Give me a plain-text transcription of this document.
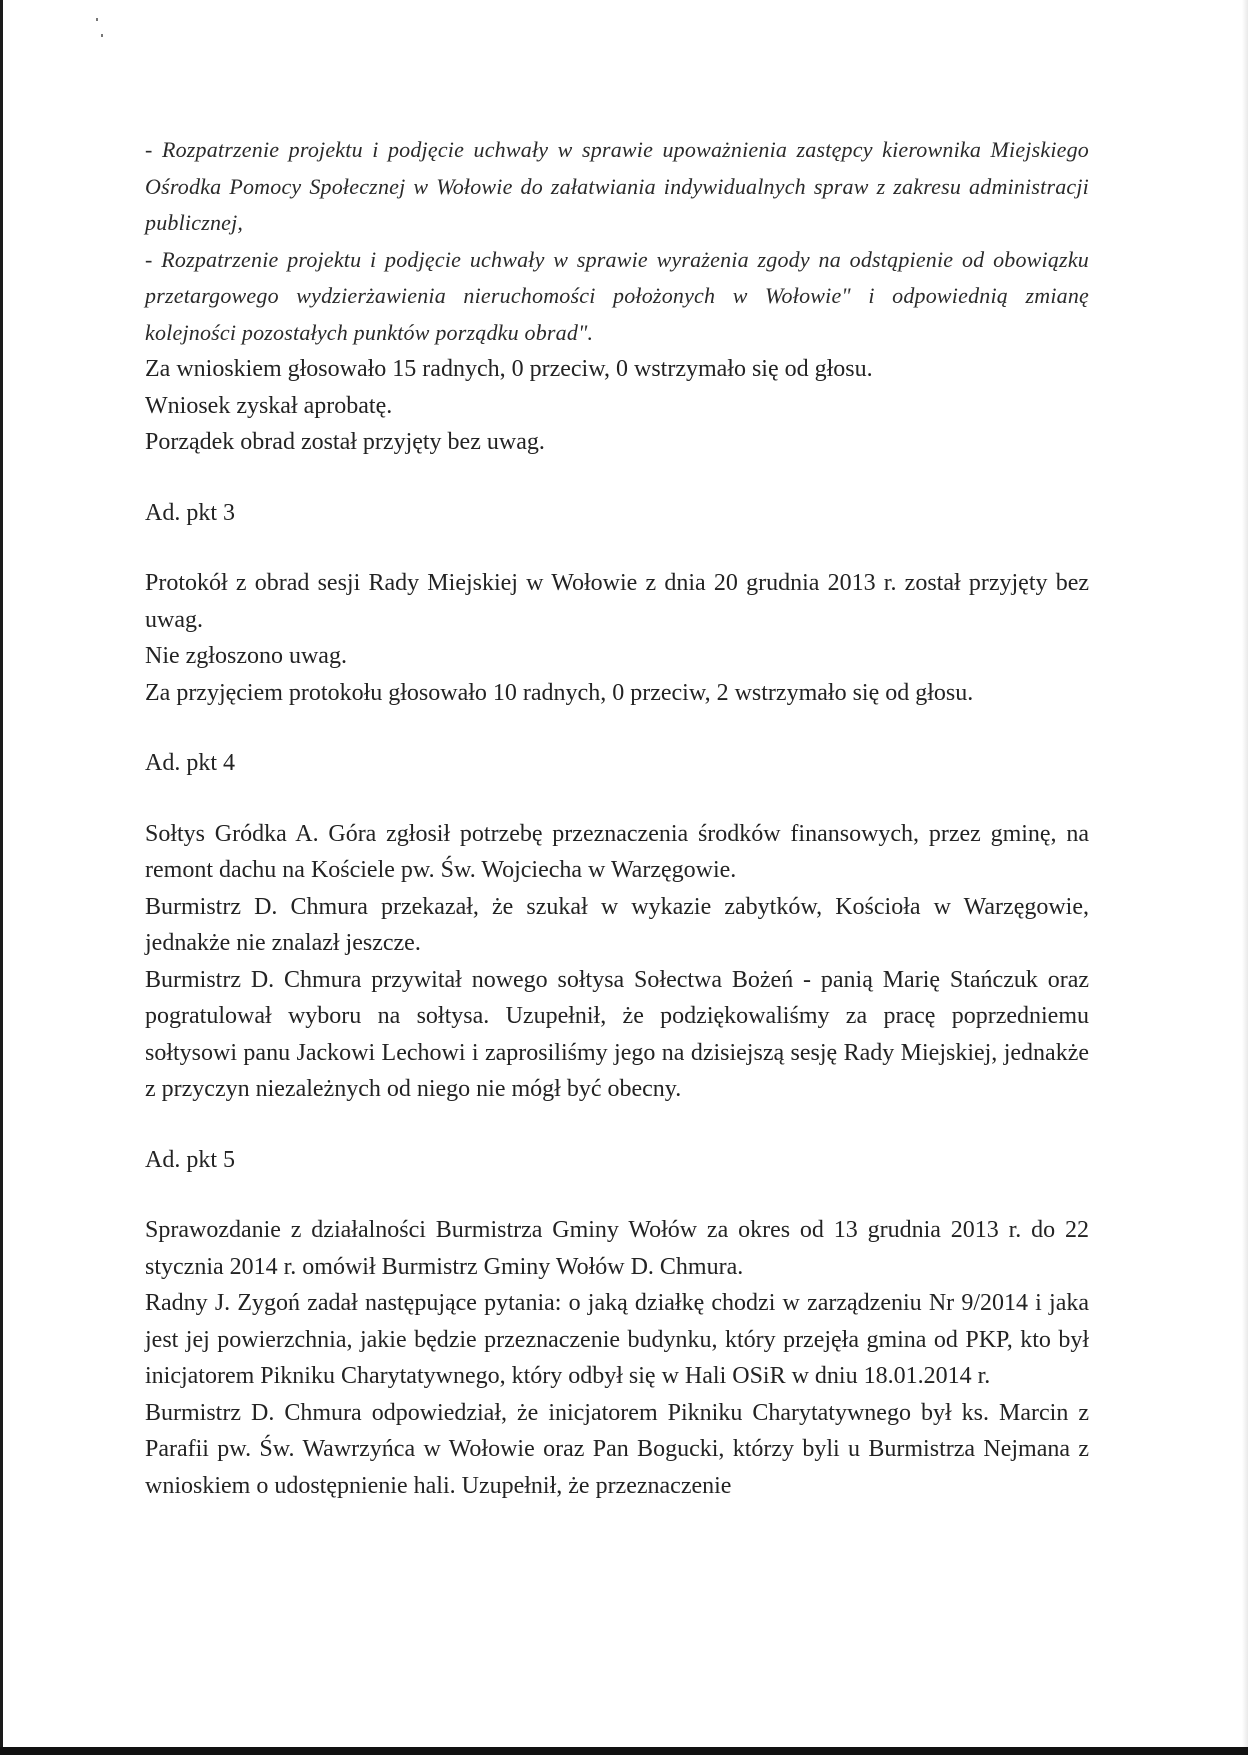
- Rozpatrzenie projektu i podjęcie uchwały w sprawie upoważnienia zastępcy kierownika Miejskiego Ośrodka Pomocy Społecznej w Wołowie do załatwiania indywidualnych spraw z zakresu administracji publicznej,

- Rozpatrzenie projektu i podjęcie uchwały w sprawie wyrażenia zgody na odstąpienie od obowiązku przetargowego wydzierżawienia nieruchomości położonych w Wołowie" i odpowiednią zmianę kolejności pozostałych punktów porządku obrad".

Za wnioskiem głosowało 15 radnych, 0 przeciw, 0 wstrzymało się od głosu.

Wniosek zyskał aprobatę.

Porządek obrad został przyjęty bez uwag.

Ad. pkt 3

Protokół z obrad sesji Rady Miejskiej w Wołowie z dnia 20 grudnia 2013 r. został przyjęty bez uwag.

Nie zgłoszono uwag.

Za przyjęciem protokołu głosowało 10 radnych, 0 przeciw, 2 wstrzymało się od głosu.

Ad. pkt 4

Sołtys Gródka A. Góra zgłosił potrzebę przeznaczenia środków finansowych, przez gminę, na remont dachu na Kościele pw. Św. Wojciecha w Warzęgowie.

Burmistrz D. Chmura przekazał, że szukał w wykazie zabytków, Kościoła w Warzęgowie, jednakże nie znalazł jeszcze.

Burmistrz D. Chmura przywitał nowego sołtysa Sołectwa Bożeń - panią Marię Stańczuk oraz pogratulował wyboru na sołtysa. Uzupełnił, że podziękowaliśmy za pracę poprzedniemu sołtysowi panu Jackowi Lechowi i zaprosiliśmy jego na dzisiejszą sesję Rady Miejskiej, jednakże z przyczyn niezależnych od niego nie mógł być obecny.

Ad. pkt 5

Sprawozdanie z działalności Burmistrza Gminy Wołów za okres od 13 grudnia 2013 r. do 22 stycznia 2014 r. omówił Burmistrz Gminy Wołów D. Chmura.

Radny J. Zygoń zadał następujące pytania: o jaką działkę chodzi w zarządzeniu Nr 9/2014 i jaka jest jej powierzchnia, jakie będzie przeznaczenie budynku, który przejęła gmina od PKP, kto był inicjatorem Pikniku Charytatywnego, który odbył się w Hali OSiR w dniu 18.01.2014 r.

Burmistrz D. Chmura odpowiedział, że inicjatorem Pikniku Charytatywnego był ks. Marcin z Parafii pw. Św. Wawrzyńca w Wołowie oraz Pan Bogucki, którzy byli u Burmistrza Nejmana z wnioskiem o udostępnienie hali. Uzupełnił, że przeznaczenie
